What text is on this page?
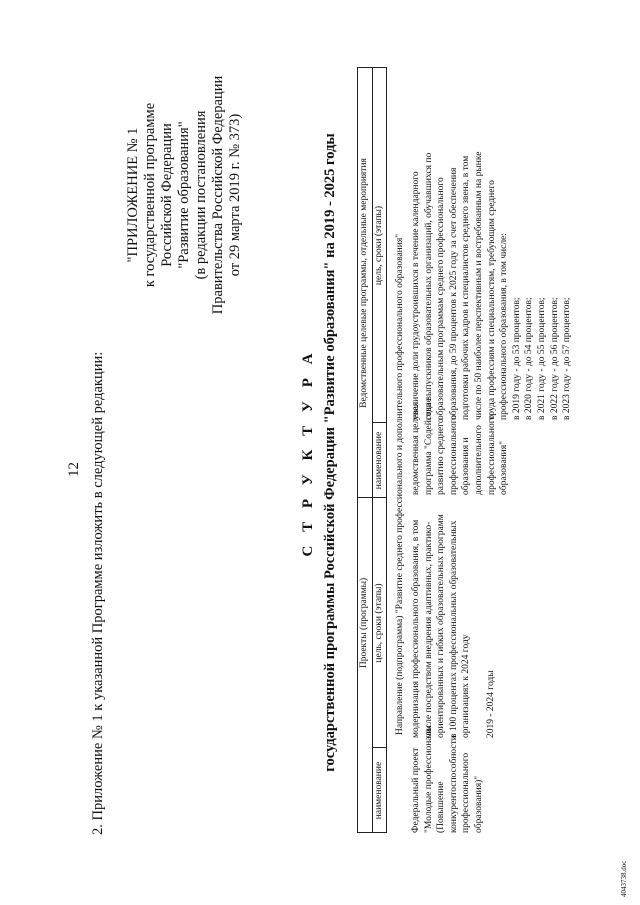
12 2. Приложение № 1 к указанной Программе изложить в следующей редакции:
"ПРИЛОЖЕНИЕ № 1 к государственной программе Российской Федерации "Развитие образования" (в редакции постановления Правительства Российской Федерации от 29 марта 2019 г. № 373)
С Т Р У К Т У Р А государственной программы Российской Федерации "Развитие образования" на 2019 - 2025 годы Проекты (программы)
Ведомственные целевые программы, отдельные мероприятия
наименование
цель, сроки (этапы)
наименование
цель, сроки (этапы) Направление (подпрограмма) "Развитие среднего профессионального и дополнительного профессионального образования"
Федеральный проект "Молодые профессионалы (Повышение конкурентоспособности профессионального образования)"
модернизация профессионального образования, в том числе посредством внедрения адаптивных, практико- ориентированных и гибких образовательных программ в 100 процентах профессиональных образовательных организациях к 2024 году 2019 - 2024 годы
ведомственная целевая программа "Содействие развитию среднего профессионального образования и дополнительного профессионального образования"
увеличение доли трудоустроившихся в течение календарного года выпускников образовательных организаций, обучавшихся по образовательным программам среднего профессионального образования, до 59 процентов к 2025 году за счет обеспечения подготовки рабочих кадров и специалистов среднего звена, в том числе по 50 наиболее перспективным и востребованным на рынке труда профессиям и специальностям, требующим среднего профессионального образования, в том числе: в 2019 году - до 53 процентов; в 2020 году - до 54 процентов; в 2021 году - до 55 процентов; в 2022 году - до 56 процентов; в 2023 году - до 57 процентов;
4043738.doc
